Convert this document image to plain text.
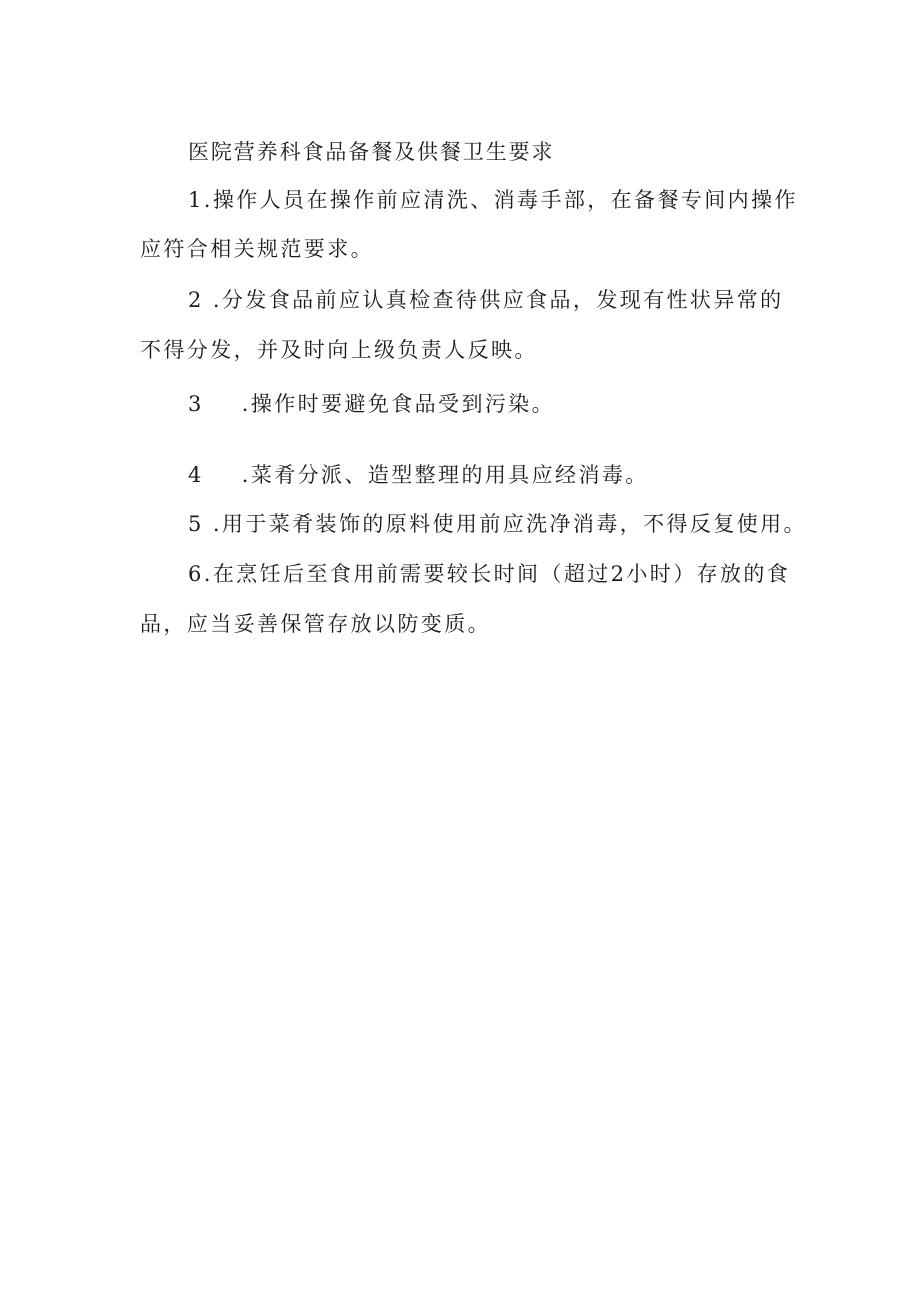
医院营养科食品备餐及供餐卫生要求

1.操作人员在操作前应清洗、消毒手部，在备餐专间内操作

应符合相关规范要求。

2 .分发食品前应认真检查待供应食品，发现有性状异常的

不得分发，并及时向上级负责人反映。

3 .操作时要避免食品受到污染。

4 .菜肴分派、造型整理的用具应经消毒。

5 .用于菜肴装饰的原料使用前应洗净消毒，不得反复使用。

6.在烹饪后至食用前需要较长时间（超过2小时）存放的食

品，应当妥善保管存放以防变质。
